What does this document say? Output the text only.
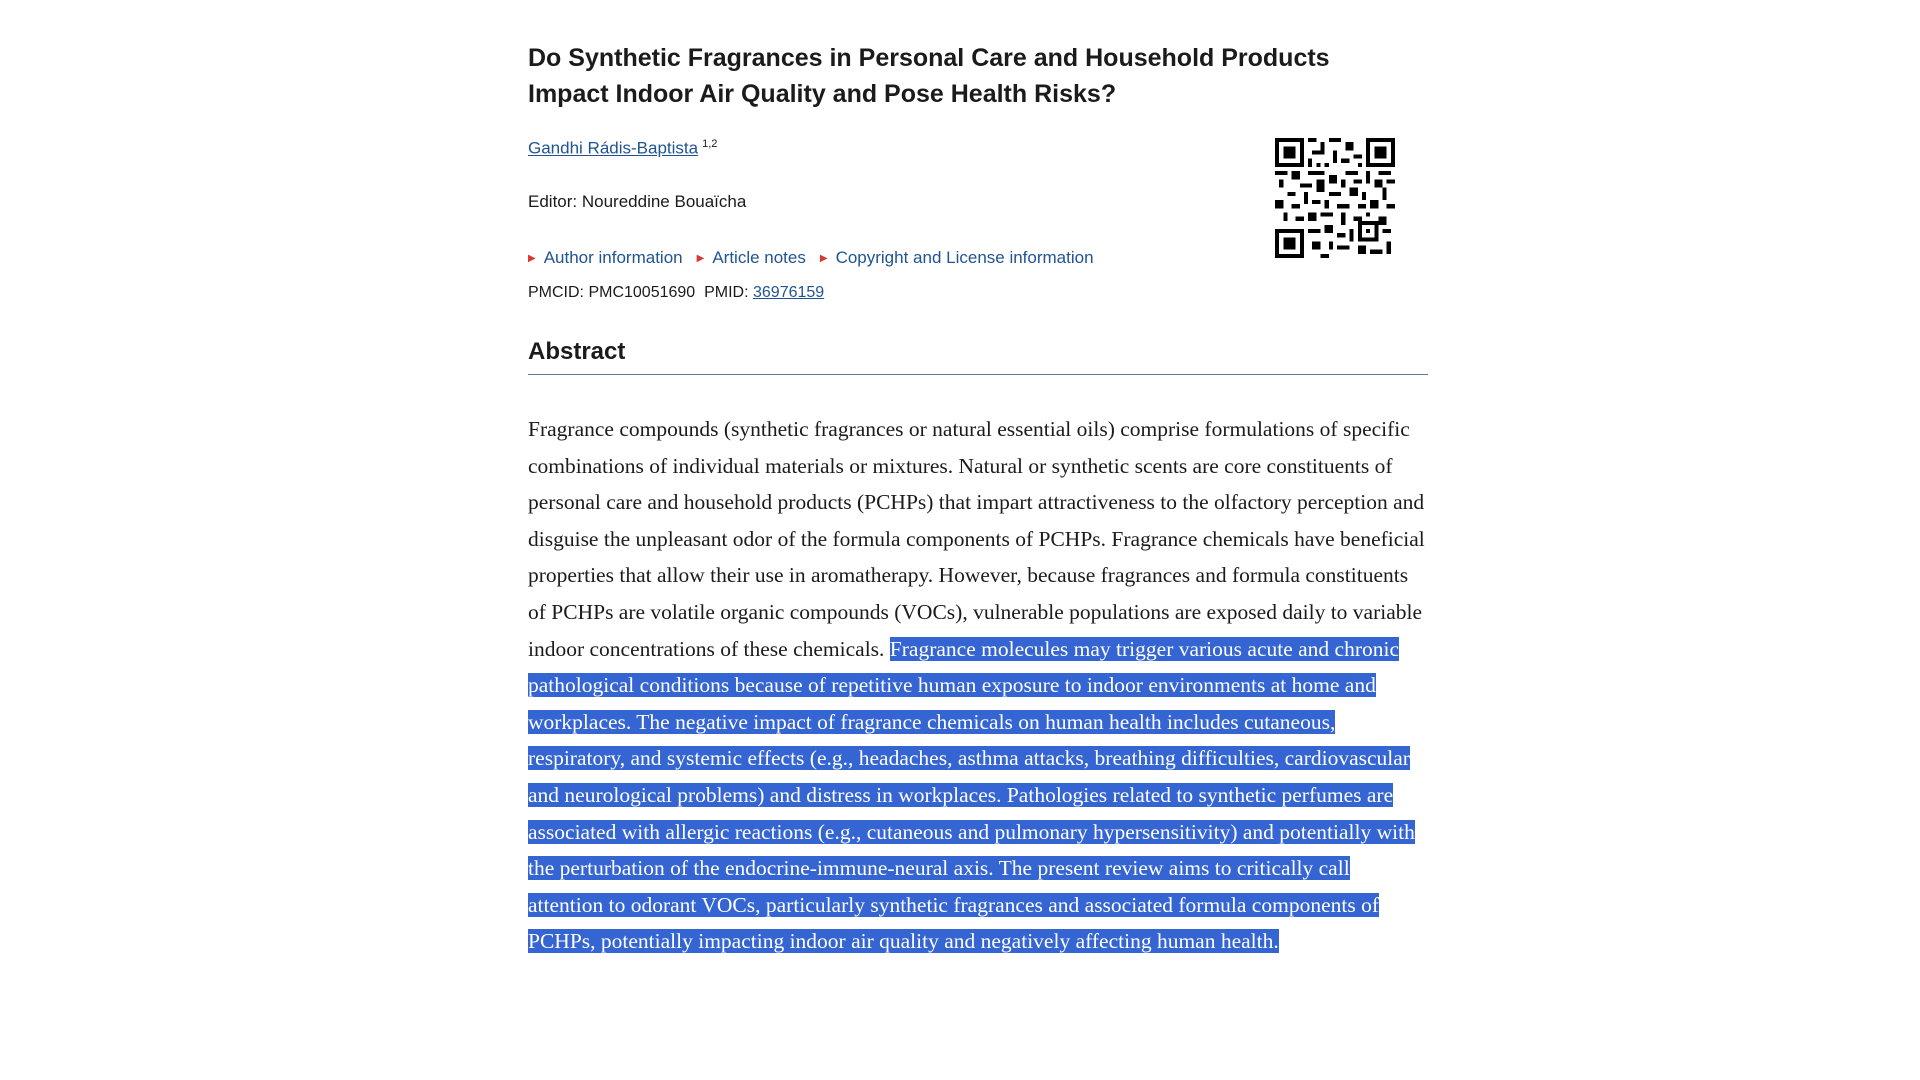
Do Synthetic Fragrances in Personal Care and Household Products Impact Indoor Air Quality and Pose Health Risks?
Gandhi Rádis-Baptista $^{1,2}$
Editor: Noureddine Bouaïcha
▶ Author information ▶ Article notes ▶ Copyright and License information
PMCID: PMC10051690 PMID: 36976159
Abstract

Fragrance compounds (synthetic fragrances or natural essential oils) comprise formulations of specific combinations of individual materials or mixtures. Natural or synthetic scents are core constituents of personal care and household products (PCHPs) that impart attractiveness to the olfactory perception and disguise the unpleasant odor of the formula components of PCHPs. Fragrance chemicals have beneficial properties that allow their use in aromatherapy. However, because fragrances and formula constituents of PCHPs are volatile organic compounds (VOCs), vulnerable populations are exposed daily to variable indoor concentrations of these chemicals. Fragrance molecules may trigger various acute and chronic pathological conditions because of repetitive human exposure to indoor environments at home and workplaces. The negative impact of fragrance chemicals on human health includes cutaneous, respiratory, and systemic effects (e.g., headaches, asthma attacks, breathing difficulties, cardiovascular and neurological problems) and distress in workplaces. Pathologies related to synthetic perfumes are associated with allergic reactions (e.g., cutaneous and pulmonary hypersensitivity) and potentially with the perturbation of the endocrine-immune-neural axis. The present review aims to critically call attention to odorant VOCs, particularly synthetic fragrances and associated formula components of PCHPs, potentially impacting indoor air quality and negatively affecting human health.
